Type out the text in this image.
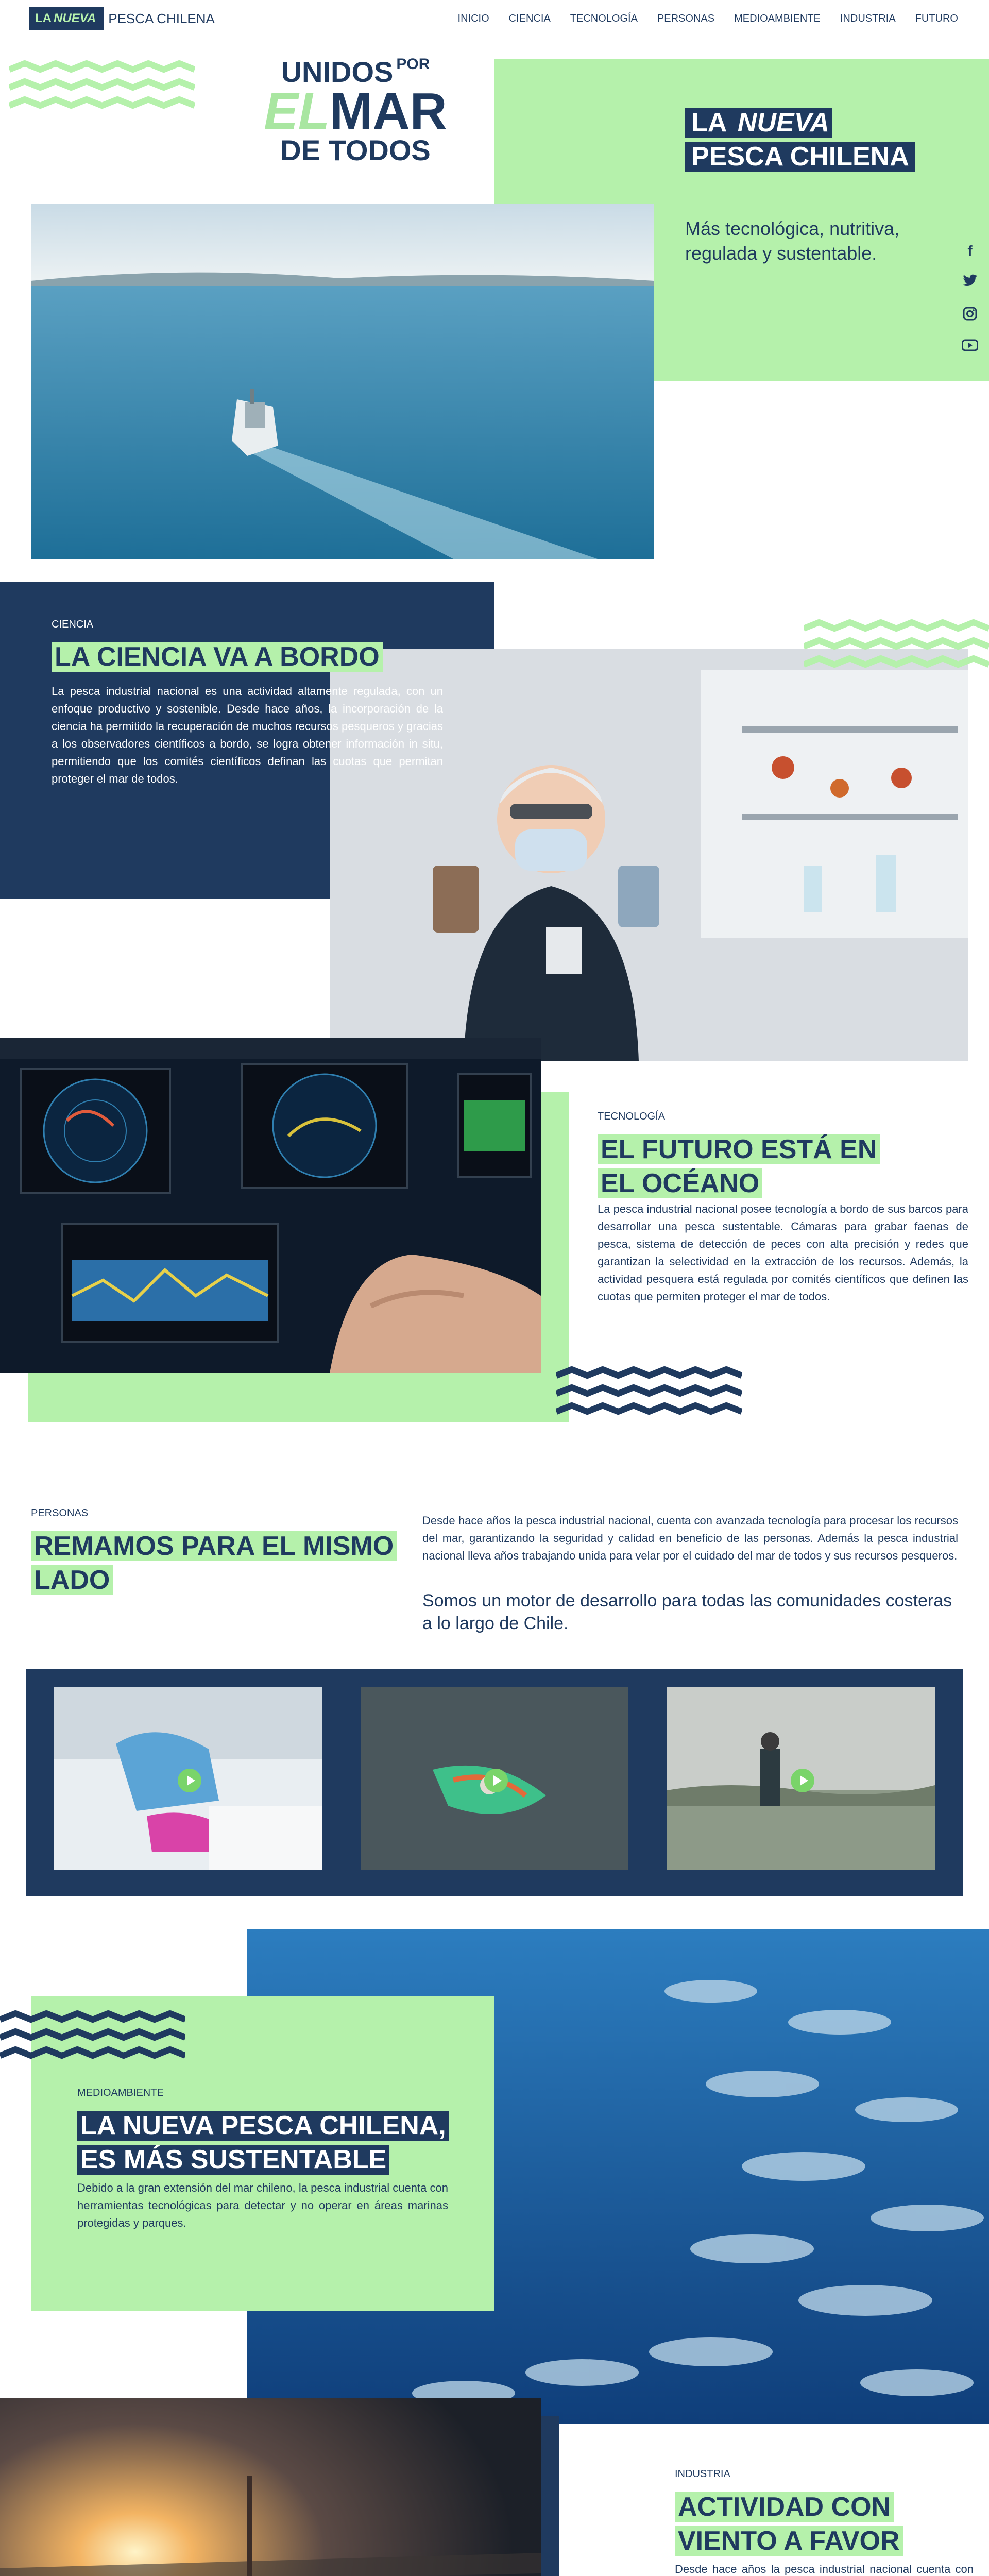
LA NUEVA PESCA CHILENA	INICIO CIENCIA TECNOLOGÍA PERSONAS MEDIOAMBIENTE INDUSTRIA FUTURO
UNIDOS $^{POR}$
ELMAR
DE TODOS
LA NUEVA PESCA CHILENA
Más tecnológica, nutritiva, regulada y sustentable.	f
CIENCIA
LA CIENCIA VA A BORDO
La pesca industrial nacional es una actividad altamente regulada, con un enfoque productivo y sostenible. Desde hace años, la incorporación de la ciencia ha permitido la recuperación de muchos recursos pesqueros y gracias a los observadores científicos a bordo, se logra obtener información in situ, permitiendo que los comités científicos definan las cuotas que permitan proteger el mar de todos.
TECNOLOGÍA
EL FUTURO ESTÁ EN EL OCÉANO
La pesca industrial nacional posee tecnología a bordo de sus barcos para desarrollar una pesca sustentable. Cámaras para grabar faenas de pesca, sistema de detección de peces con alta precisión y redes que garantizan la selectividad en la extracción de los recursos. Además, la actividad pesquera está regulada por comités científicos que definen las cuotas que permiten proteger el mar de todos.
PERSONAS
REMAMOS PARA EL MISMO LADO
Desde hace años la pesca industrial nacional, cuenta con avanzada tecnología para procesar los recursos del mar, garantizando la seguridad y calidad en beneficio de las personas. Además la pesca industrial nacional lleva años trabajando unida para velar por el cuidado del mar de todos y sus recursos pesqueros.
Somos un motor de desarrollo para todas las comunidades costeras a lo largo de Chile.
MEDIOAMBIENTE
LA NUEVA PESCA CHILENA, ES MÁS SUSTENTABLE
Debido a la gran extensión del mar chileno, la pesca industrial cuenta con herramientas tecnológicas para detectar y no operar en áreas marinas protegidas y parques.
INDUSTRIA
ACTIVIDAD CON VIENTO A FAVOR
Desde hace años la pesca industrial nacional cuenta con
